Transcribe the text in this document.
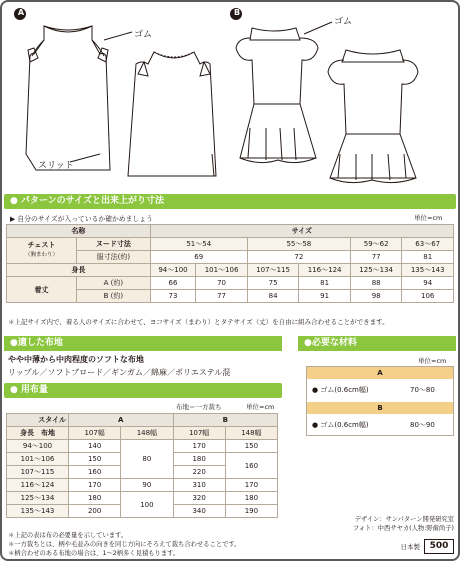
A	B
ゴム
スリット
ゴム
● パターンのサイズと出来上がり寸法
▶ 自分のサイズが入っているか確かめましょう	単位=cm
名称		サイズ					
チェスト
（胸まわり）	ヌード寸法	51～54		55～58		59～62	63～67
	服寸法(約)	69		72		77	81
身長		94～100	101～106	107～115	116～124	125～134	135～143
着丈	A (約)	66	70	75	81	88	94
	B (約)	73	77	84	91	98	106
＊上記サイズ内で、着る人のサイズに合わせて、ヨコサイズ（まわり）とタテサイズ（丈）を自由に組み合わせることができます。
●適した布地
やや中薄から中肉程度のソフトな布地
リップル／ソフトブロード／ギンガム／綿麻／ポリエステル混
●必要な材料
単位=cm
A
● ゴム(0.6cm幅)	70～80
B
● ゴム(0.6cm幅)	80～90
● 用布量
布地＝一方裁ち	単位=cm
スタイル	A		B	
身長　 布地	107幅	148幅	107幅	148幅
94～100	140	80	170	150
101～106	150		180	160
107～115	160		220	
116～124	170	90	310	170
125～134	180	100	320	180
135～143	200		340	190
＊上記の表は布の必要量を示しています。
＊一方裁ちとは、柄や毛並みの向きを同じ方向にそろえて裁ち合わせることです。
＊柄合わせのある布地の場合は、1～2柄多く見積もります。
デザイン：サンパターン開発研究室
フォト：中西サヤカ(人物:野歯尚子)
日本製	500
